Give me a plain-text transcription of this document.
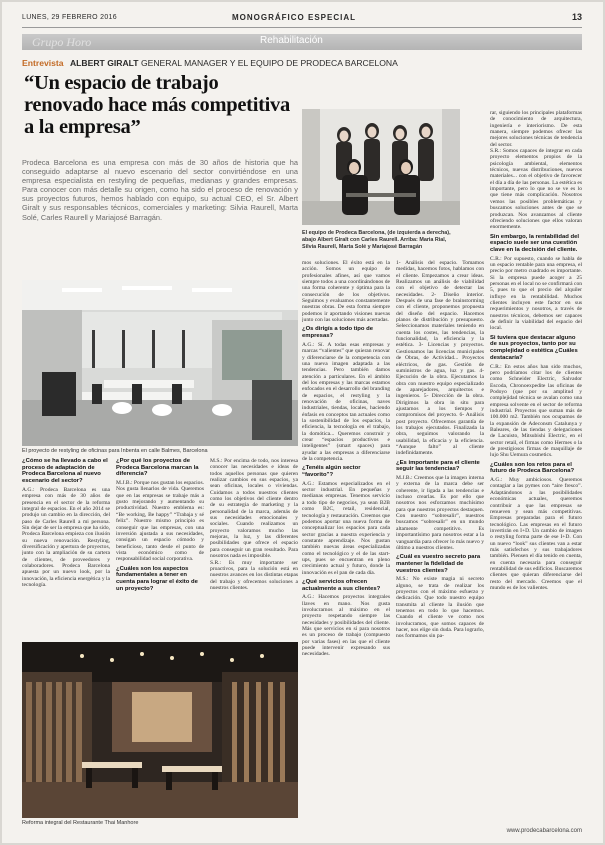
LUNES, 29 FEBRERO 2016	MONOGRÁFICO ESPECIAL	13
Grupo Horo	Rehabilitación
Entrevista ALBERT GIRALT GENERAL MANAGER Y EL EQUIPO DE PRODECA BARCELONA
“Un espacio de trabajo renovado hace más competitiva a la empresa”

Prodeca Barcelona es una empresa con más de 30 años de historia que ha conseguido adaptarse al nuevo escenario del sector convirtiéndose en una empresa especialista en restyling de pequeñas, medianas y grandes empresas. Para conocer con más detalle su origen, como ha sido el proceso de renovación y sus proyectos futuros, hemos hablado con equipo, su actual CEO, el Sr. Albert Giralt y sus responsables técnicos, comerciales y marketing: Silvia Raurell, Marta Solé, Carles Raurell y Mariajosé Barragán.

El equipo de Prodeca Barcelona, (de izquierda a derecha), abajo Albert Giralt con Carles Raurell. Arriba: Maria Rial, Silvia Raurell, Marta Solé y Mariajosé Barragán

El proyecto de restyling de oficinas para Inbenta en calle Balmes, Barcelona

Reforma integral del Restaurante Thai Manhore

¿Cómo se ha llevado a cabo el proceso de adaptación de Prodeca Barcelona al nuevo escenario del sector?

A.G.: Prodeca Barcelona es una empresa con más de 30 años de presencia en el sector de la reforma integral de espacios. En el año 2014 se produjo un cambio en la dirección, del paso de Carles Raurell a mi persona. Sin dejar de ser la empresa que ha sido, Prodeca Barcelona empieza con ilusión su nueva renovación. Restyling, diversificación y apertura de proyectos, junto con la ampliación de su cartera de clientes, de proveedores y colaboradores. Prodeca Barcelona apuesta por un nuevo look, por la innovación, la eficiencia energética y la tecnología.

¿Por qué los proyectos de Prodeca Barcelona marcan la diferencia?

M.J.B.: Porque nos gustan los espacios. Nos gusta llenarlos de vida. Queremos que en las empresas se trabaje más a gusto mejorando y aumentando su productividad. Nuestro emblema es: “Be working, Be happy” “Trabaja y sé feliz”. Nuestro mismo principio es conseguir que las empresas, con una inversión ajustada a sus necesidades, consigan un espacio cómodo y beneficioso, tanto desde el punto de vista económico como de responsabilidad social corporativa.

¿Cuáles son los aspectos fundamentales a tener en cuenta para lograr el éxito de un proyecto?

M.S.: Por encima de todo, nos interesa conocer las necesidades e ideas de todos aquellos personas que quieren realizar cambios en sus espacios, ya sean oficinas, locales o viviendas. Cuidamos a todos nuestros clientes como los objetivos del cliente dentro de su estrategia de marketing y la personalidad de la marca, además de sus necesidades emocionales y sociales. Cuando realizamos un proyecto valoramos mucho las mejoras, la luz, y las diferentes posibilidades que ofrece el espacio para conseguir un gran resultado. Para nosotros nada es imposible.

S.R.: Es muy importante ser proactivos, para la solución está en nuestros avances en los distintas etapas del trabajo y ofrecemos soluciones a nuestros clientes.

mos soluciones. El éxito está en la acción. Somos un equipo de profesionales afines, así que vamos siempre todos a una coordinándonos de una forma coherente y óptima para la consecución de los objetivos. Seguimos y evaluamos constantemente nuestras obras. De esta forma siempre podemos ir aportando visiones nuevas junto con las soluciones más acertadas.

¿Os dirigís a todo tipo de empresas?

A.G.: Sí. A todas esas empresas y marcas “valientes” que quieran renovar y diferenciarse de la competencia con una nueva imagen adaptada a las tendencias. Pero también damos atención a particulares. En el ámbito del los empresas y las marcas estamos enfocados en el desarrollo del branding de espacios, el restyling y la renovación de oficinas, naves industriales, tiendas, locales, haciendo énfasis en conceptos tan actuales como la sostenibilidad de los espacios, la eficiencia, la tecnología en el trabajo, la domótica... Queremos construir y crear “espacios productivos e inteligentes” (smart spaces) para ayudar a las empresas a diferenciarse de la competencia.

¿Tenéis algún sector “favorito”?

A.G.: Estamos especializados en el sector industrial. En pequeñas y medianas empresas. Tenemos servicio a todo tipo de negocios, ya sean B2B como B2C, retail, residencial, tecnología y restauración. Creemos que podemos aportar una nueva forma de conceptualizar los espacios para cada sector gracias a nuestra experiencia y constante aprendizaje. Nos gustan también nuevas áreas especializadas como el tecnológico y el de las start-ups, pues se encuentran en pleno crecimiento actual y futuro, donde la innovación es el pan de cada día.

¿Qué servicios ofrecen actualmente a sus clientes?

A.G.: Hacemos proyectos integrales llaves en mano. Nos gusta involucrarnos al máximo en el proyecto respetando siempre las necesidades y posibilidades del cliente. Más que servicios en sí para nosotros es un proceso de trabajo (compuesto por varias fases) en las que el cliente puede intervenir expresando sus necesidades.

1- Análisis del espacio. Tomamos medidas, hacemos fotos, hablamos con el cliente. Empezamos a crear ideas. Realizamos un análisis de viabilidad con el objetivo de detectar las necesidades. 2- Diseño interior. Después de una fase de brainstorming con el cliente, proponemos propuesta del diseño del espacio. Hacemos planos de distribución y presupuesto. Seleccionamos materiales teniendo en cuenta los costes, las tendencias, la funcionalidad, la eficiencia y la estética. 3- Licencias y proyectos. Gestionamos las licencias municipales de Obras, de Actividad... Proyectos eléctricos, de gas. Gestión de suministros de agua, luz y gas. 4- Ejecución de la obra. Ejecutamos la obra con nuestro equipo especializado de aparejadores, arquitectos e ingenieros. 5- Dirección de la obra. Dirigimos la obra in situ para ajustarnos a los tiempos y compromisos del proyecto. 6- Análisis post proyecto. Ofrecemos garantía de los trabajos ejecutados. Finalizada la obra, seguimos valorando la usabilidad, la eficacia y la eficiencia. “Aunque falto” al cliente indefinidamente.

¿Es importante para el cliente seguir las tendencias?

M.J.B.: Creemos que la imagen interna y externa de la marca debe ser coherente, ir ligada a las tendencias e incluso crearlas. Es por ello que nosotros nos esforzamos muchísimo para que nuestros proyectos destaquen. Con nuestro “sobresalir”, nuestros buscamos “sobresalir” en un mundo altamente competitivo. Es importantísimo para nosotros estar a la vanguardia para ofrecer lo más nuevo y último a nuestros clientes.

¿Cuál es vuestro secreto para mantener la fidelidad de vuestros clientes?

M.S.: No existe magia ni secreto alguno, se trata de realizar los proyectos con el máximo esfuerzo y dedicación. Que todo nuestro equipo transmita al cliente la ilusión que tenemos en todo lo que hacemos. Cuando el cliente ve como nos involucramos, que somos capaces de hacer, nos elige sin duda. Para lograrlo, nos formamos sin pa-

rar, siguiendo los principales plataformas de conocimiento de arquitectura, ingeniería e interiorismo. De esta manera, siempre podemos ofrecer las mejores soluciones técnicas de tendencia del sector.

S.R.: Somos capaces de integrar en cada proyecto elementos propios de la psicología ambiental, elementos técnicos, nuevas distribuciones, nuevos materiales... con el objetivo de favorecer el día a día de las personas. La estética es importante, pero lo que no se ve es lo que tiene más complicación. Nosotros vemos las posibles problemáticas y buscamos soluciones antes de que se produzcan. Nos avanzamos al cliente ofreciendo soluciones que ellos valoran enormemente.

Sin embargo, la rentabilidad del espacio suele ser una cuestión clave en la decisión del cliente.

C.R.: Por supuesto, cuando se habla de un espacio rentable para una empresa, el precio por metro cuadrado es importante. Si la empresa puede acoger a 25 personas en el local no se confirmará con 5, pues to que el precio del alquiler influye en la rentabilidad. Muchos clientes incluyen este factor en sus requerimientos y nosotros, a través de nuestros técnicos, debemos ser capaces de definir la viabilidad del espacio del local.

Si tuviera que destacar alguno de sus proyectos, tanto por su complejidad o estética ¿Cuáles destacaría?

C.R.: En estos años han sido muchos, pero podríamos citar los de clientes como Schneider Electric, Salvador Escoda, Chronoexpedite las oficinas de Podoyo (que por su amplitud y complejidad técnica se avalan como una empresa solvente en el sector de reforma industrial. Proyectos que suman más de 100.000 m2. También nos ocupamos de la expansión de Adeconsm Catalunya y Baleares, de las tiendas y delegaciones de Lacuisto, Mitsubishi Electric, en el sector retail, el firmas como Hermes o la de prestigiosos firmas de maquillaje de lujo Shu Uemura cosmetics.

¿Cuáles son los retos para el futuro de Prodeca Barcelona?

A.G.: Muy ambiciosos. Queremos contagiar a las pymes con “aire fresco”. Adaptándonos a las posibilidades económicas actuales, queremos contribuir a que las empresas se renueven y sean más competitivas. Empresas preparadas para el futuro tecnológico. Las empresas en el futuro invertirán en I+D. Un cambio de imagen o restyling forma parte de ese I+D. Con un nuevo “look” sus clientes van a estar más satisfechos y sus trabajadores también. Piensen el día tenido en cuenta, en cuenta necesaria para conseguir rentabilidad de sus edificios. Buscaremos clientes que quieran diferenciarse del resto del mercado. Creemos que el mundo es de los valientes.

www.prodecabarcelona.com
